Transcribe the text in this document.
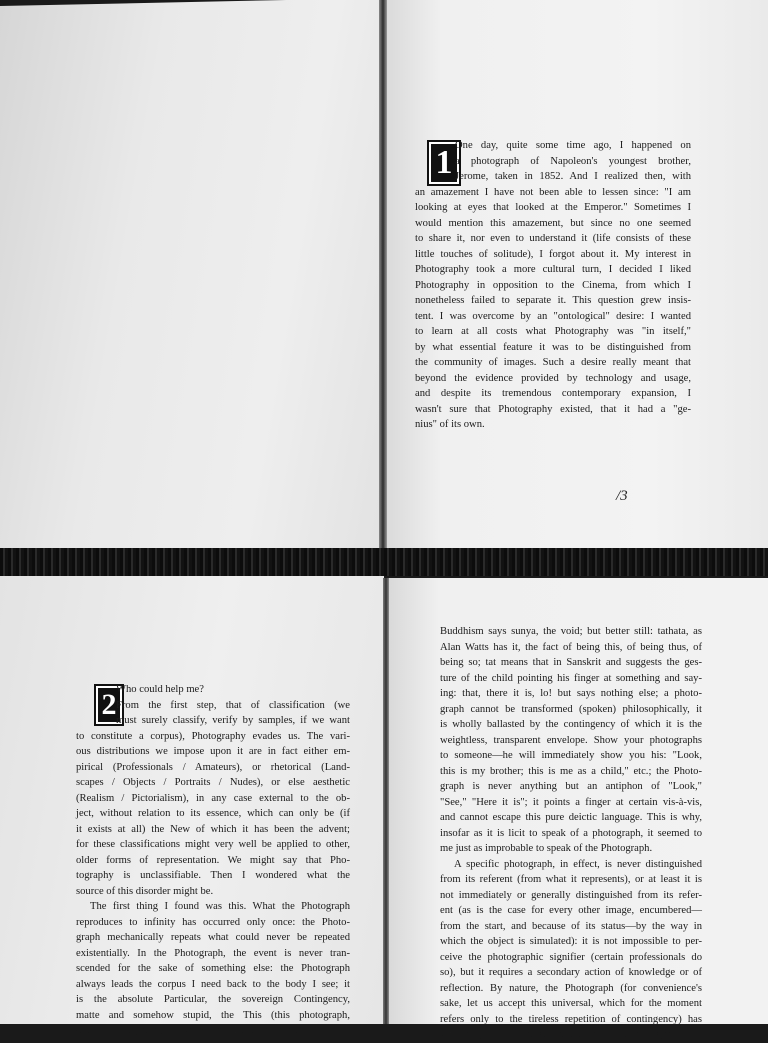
1 One day, quite some time ago, I happened on
a photograph of Napoleon's youngest brother,
Jerome, taken in 1852. And I realized then, with
an amazement I have not been able to lessen since: "I am
looking at eyes that looked at the Emperor." Sometimes I
would mention this amazement, but since no one seemed
to share it, nor even to understand it (life consists of these
little touches of solitude), I forgot about it. My interest in
Photography took a more cultural turn, I decided I liked
Photography in opposition to the Cinema, from which I
nonetheless failed to separate it. This question grew insis-
tent. I was overcome by an "ontological" desire: I wanted
to learn at all costs what Photography was "in itself,"
by what essential feature it was to be distinguished from
the community of images. Such a desire really meant that
beyond the evidence provided by technology and usage,
and despite its tremendous contemporary expansion, I
wasn't sure that Photography existed, that it had a "ge-
nius" of its own.
/3
2 Who could help me?
From the first step, that of classification (we
must surely classify, verify by samples, if we want
to constitute a corpus), Photography evades us. The vari-
ous distributions we impose upon it are in fact either em-
pirical (Professionals / Amateurs), or rhetorical (Land-
scapes / Objects / Portraits / Nudes), or else aesthetic
(Realism / Pictorialism), in any case external to the ob-
ject, without relation to its essence, which can only be (if
it exists at all) the New of which it has been the advent;
for these classifications might very well be applied to other,
older forms of representation. We might say that Pho-
tography is unclassifiable. Then I wondered what the
source of this disorder might be.
The first thing I found was this. What the Photograph
reproduces to infinity has occurred only once: the Photo-
graph mechanically repeats what could never be repeated
existentially. In the Photograph, the event is never tran-
scended for the sake of something else: the Photograph
always leads the corpus I need back to the body I see; it
is the absolute Particular, the sovereign Contingency,
matte and somehow stupid, the This (this photograph,
and not Photography), in short, what Lacan calls the
Buddhism says sunya, the void; but better still: tathata, as
Alan Watts has it, the fact of being this, of being thus, of
being so; tat means that in Sanskrit and suggests the ges-
ture of the child pointing his finger at something and say-
ing: that, there it is, lo! but says nothing else; a photo-
graph cannot be transformed (spoken) philosophically, it
is wholly ballasted by the contingency of which it is the
weightless, transparent envelope. Show your photographs
to someone—he will immediately show you his: "Look,
this is my brother; this is me as a child," etc.; the Photo-
graph is never anything but an antiphon of "Look,"
"See," "Here it is"; it points a finger at certain vis-à-vis,
and cannot escape this pure deictic language. This is why,
insofar as it is licit to speak of a photograph, it seemed to
me just as improbable to speak of the Photograph.
A specific photograph, in effect, is never distinguished
from its referent (from what it represents), or at least it is
not immediately or generally distinguished from its refer-
ent (as is the case for every other image, encumbered—
from the start, and because of its status—by the way in
which the object is simulated): it is not impossible to per-
ceive the photographic signifier (certain professionals do
so), but it requires a secondary action of knowledge or of
reflection. By nature, the Photograph (for convenience's
sake, let us accept this universal, which for the moment
refers only to the tireless repetition of contingency) has
something tautological about it: a pipe, here, is always
